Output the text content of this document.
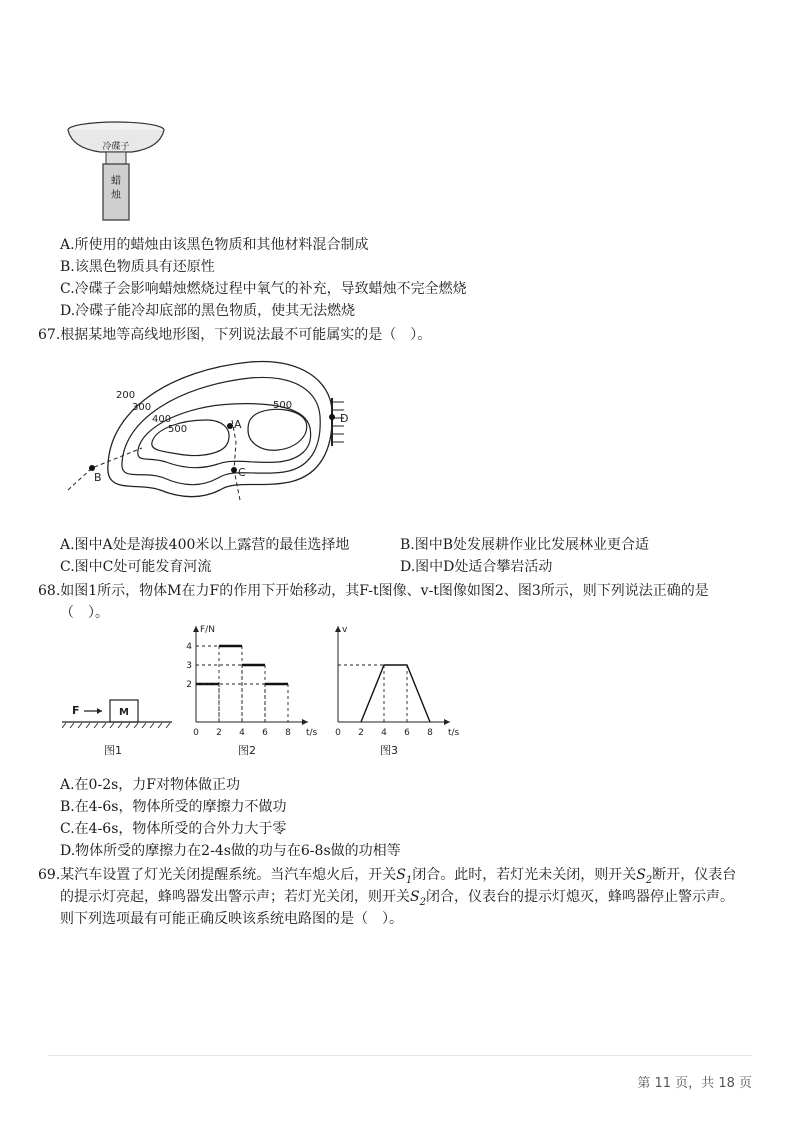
冷碟子
蜡
烛
A.所使用的蜡烛由该黑色物质和其他材料混合制成
B.该黑色物质具有还原性
C.冷碟子会影响蜡烛燃烧过程中氧气的补充，导致蜡烛不完全燃烧
D.冷碟子能冷却底部的黑色物质，使其无法燃烧
67.根据某地等高线地形图，下列说法最不可能属实的是（　）。
200
300
400
500
500
A
B	C
D
A.图中A处是海拔400米以上露营的最佳选择地	B.图中B处发展耕作业比发展林业更合适
C.图中C处可能发育河流	D.图中D处适合攀岩活动
68.如图1所示，物体M在力F的作用下开始移动，其F-t图像、v-t图像如图2、图3所示，则下列说法正确的是
（　）。
F	M
图1
F/N
t/s
0 2 4 6 8
2
3
4
图2
v
t/s
0 2 4 6 8
图3
A.在0-2s，力F对物体做正功
B.在4-6s，物体所受的摩擦力不做功
C.在4-6s，物体所受的合外力大于零
D.物体所受的摩擦力在2-4s做的功与在6-8s做的功相等
69.某汽车设置了灯光关闭提醒系统。当汽车熄火后，开关$S_1$闭合。此时，若灯光未关闭，则开关$S_2$断开，仪表台
的提示灯亮起，蜂鸣器发出警示声；若灯光关闭，则开关$S_2$闭合，仪表台的提示灯熄灭，蜂鸣器停止警示声。
则下列选项最有可能正确反映该系统电路图的是（　）。
第 11 页，共 18 页
